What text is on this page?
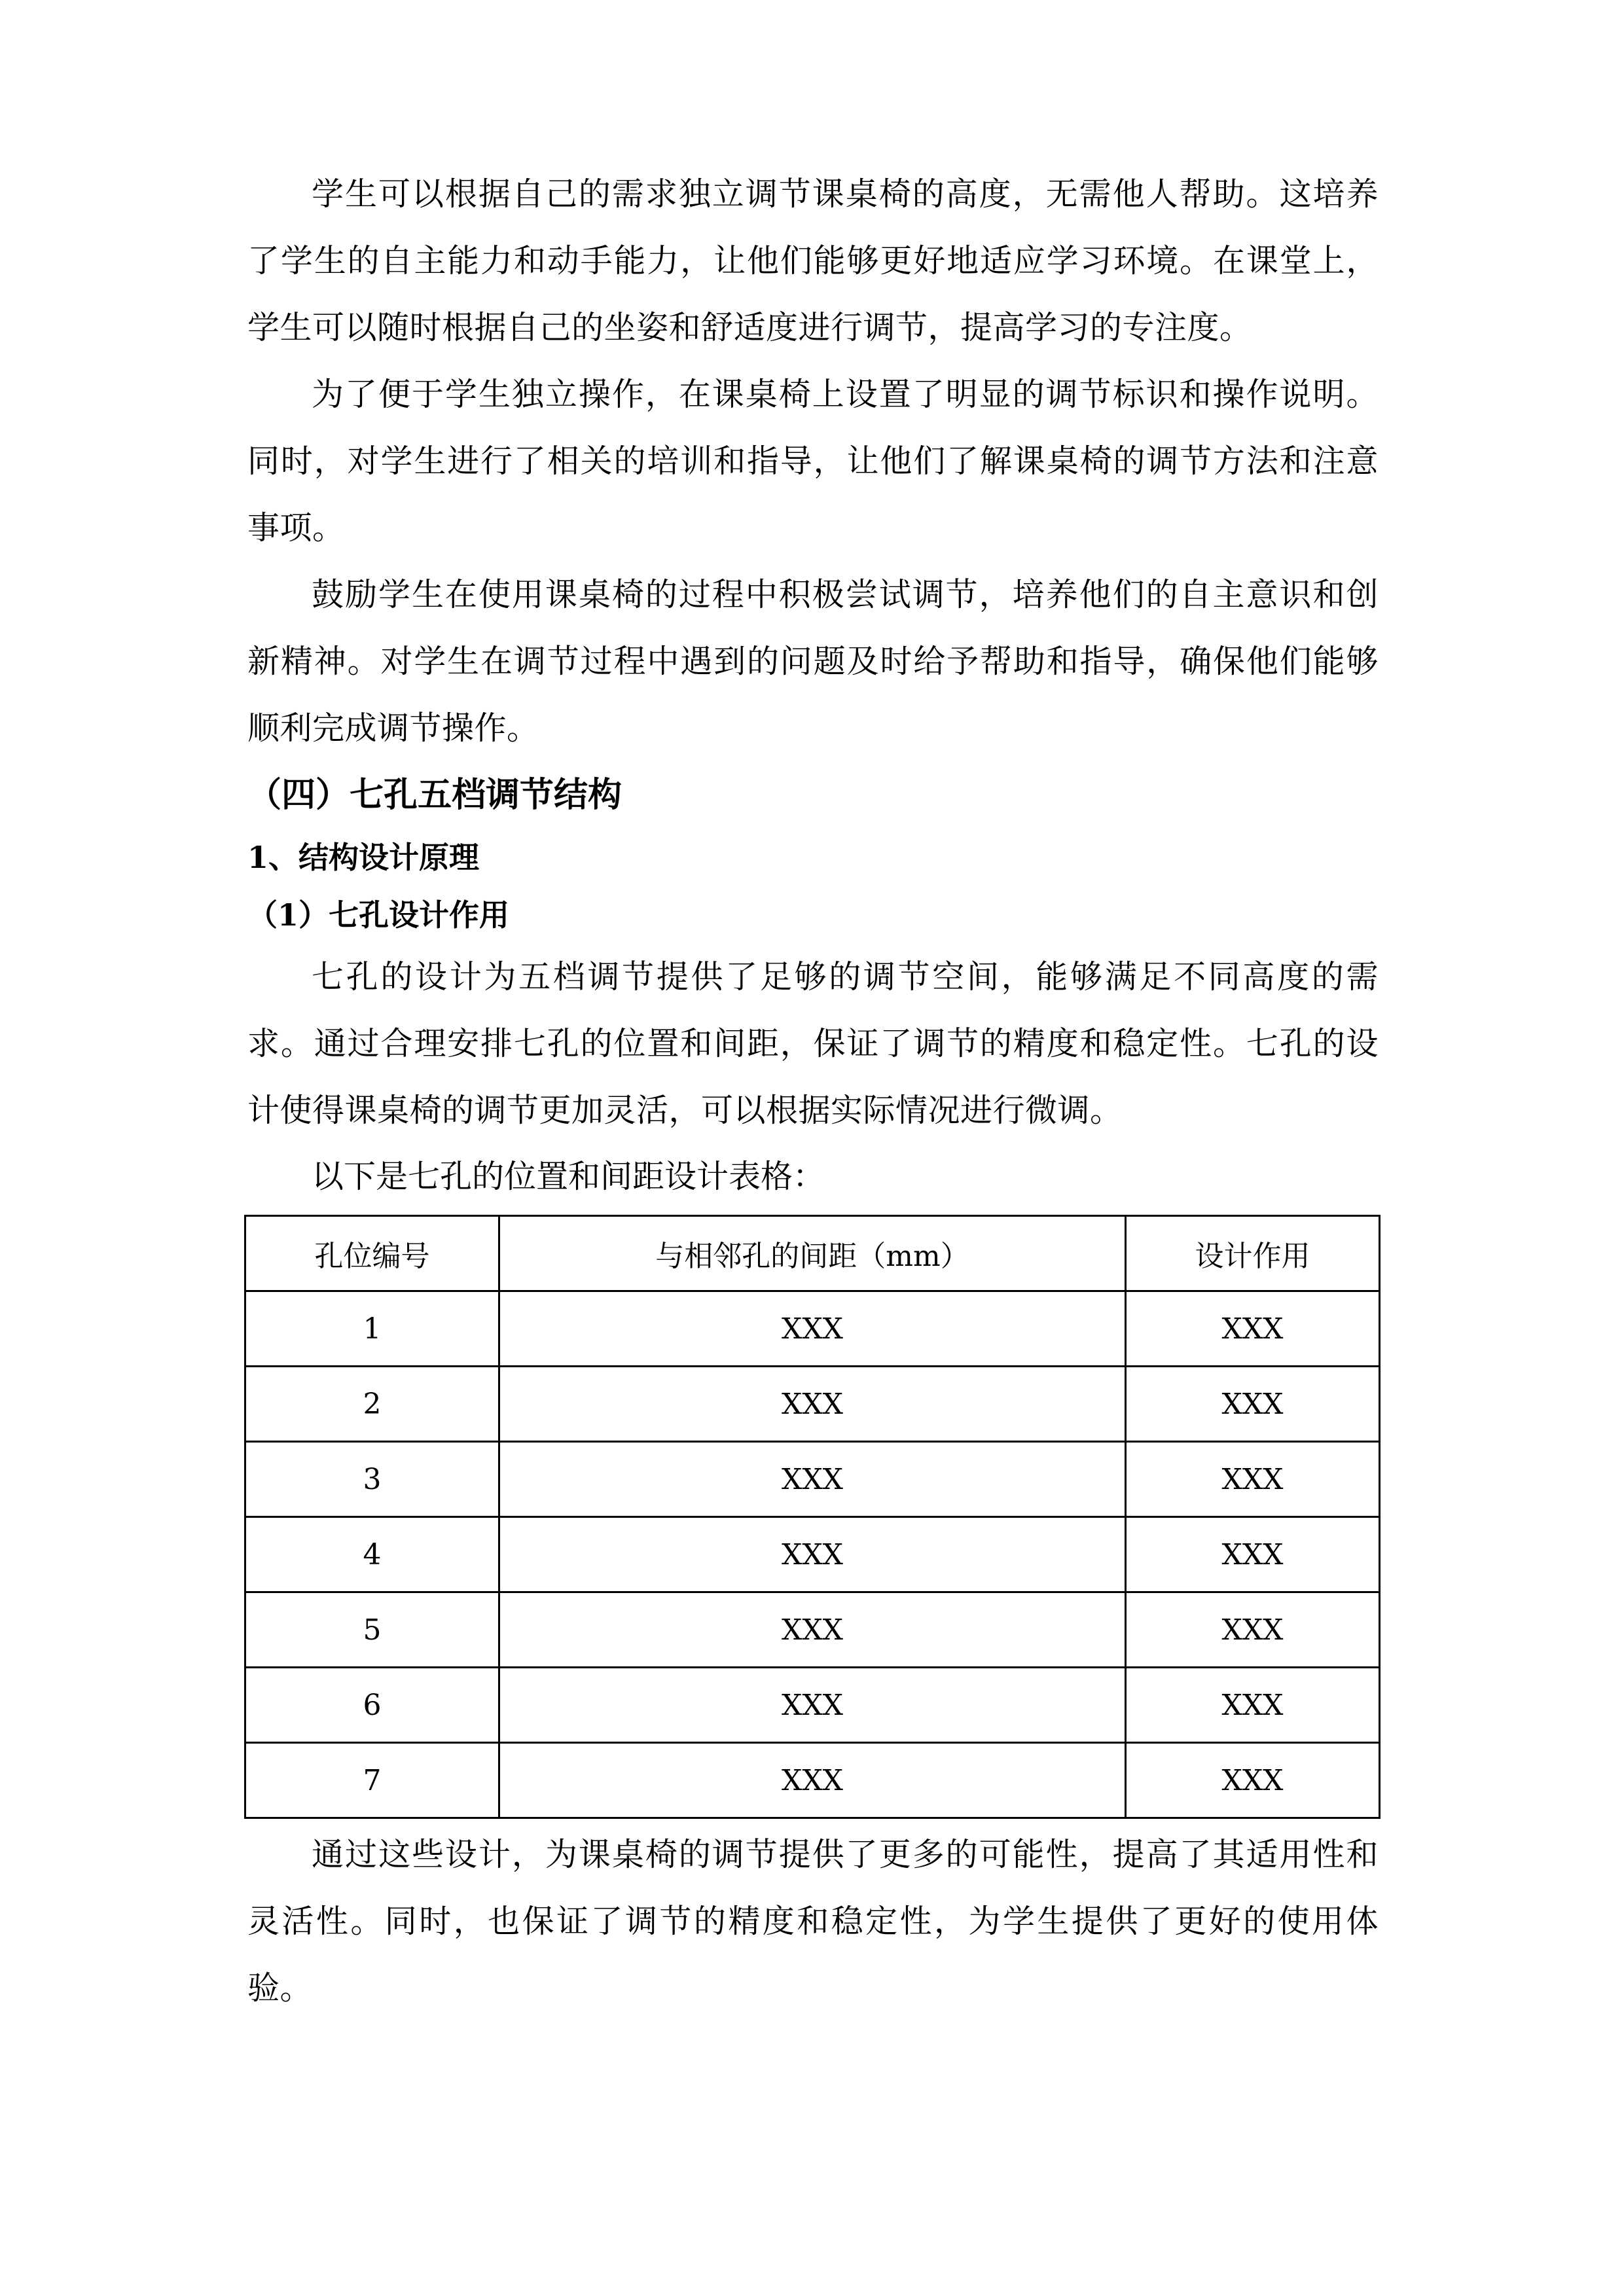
学生可以根据自己的需求独立调节课桌椅的高度，无需他人帮助。这培养了学生的自主能力和动手能力，让他们能够更好地适应学习环境。在课堂上，学生可以随时根据自己的坐姿和舒适度进行调节，提高学习的专注度。

为了便于学生独立操作，在课桌椅上设置了明显的调节标识和操作说明。同时，对学生进行了相关的培训和指导，让他们了解课桌椅的调节方法和注意事项。

鼓励学生在使用课桌椅的过程中积极尝试调节，培养他们的自主意识和创新精神。对学生在调节过程中遇到的问题及时给予帮助和指导，确保他们能够顺利完成调节操作。

（四）七孔五档调节结构
1、结构设计原理
（1）七孔设计作用

七孔的设计为五档调节提供了足够的调节空间，能够满足不同高度的需求。通过合理安排七孔的位置和间距，保证了调节的精度和稳定性。七孔的设计使得课桌椅的调节更加灵活，可以根据实际情况进行微调。

以下是七孔的位置和间距设计表格：

孔位编号	与相邻孔的间距（mm）	设计作用
1	XXX	XXX
2	XXX	XXX
3	XXX	XXX
4	XXX	XXX
5	XXX	XXX
6	XXX	XXX
7	XXX	XXX

通过这些设计，为课桌椅的调节提供了更多的可能性，提高了其适用性和灵活性。同时，也保证了调节的精度和稳定性，为学生提供了更好的使用体验。
